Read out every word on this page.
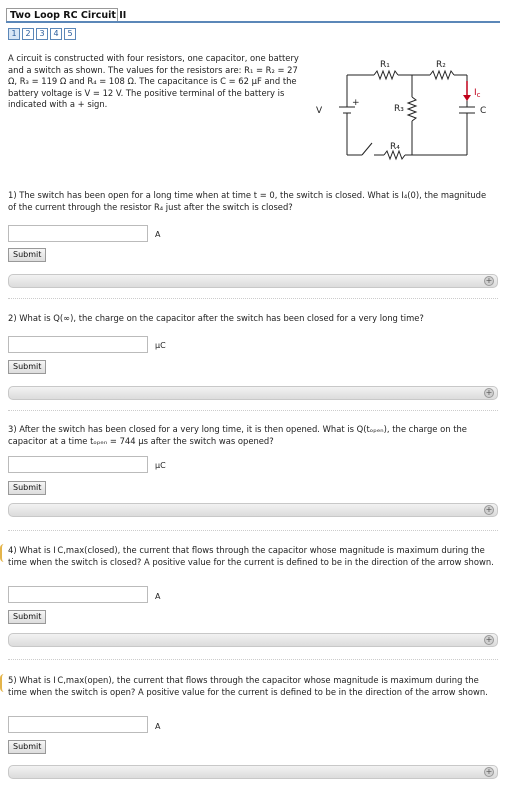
Two Loop RC Circuit II
1	2	3	4	5
A circuit is constructed with four resistors, one capacitor, one battery and a switch as shown. The values for the resistors are: R₁ = R₂ = 27 Ω, R₃ = 119 Ω and R₄ = 108 Ω. The capacitance is C = 62 μF and the battery voltage is V = 12 V. The positive terminal of the battery is indicated with a + sign.
R₁	R₂
R₃
R₄
V
+
C
$I_c$
1) The switch has been open for a long time when at time t = 0, the switch is closed. What is I₄(0), the magnitude of the current through the resistor R₄ just after the switch is closed?
A
Submit
+
2) What is Q(∞), the charge on the capacitor after the switch has been closed for a very long time?
μC
Submit
+
3) After the switch has been closed for a very long time, it is then opened. What is Q(tₒₚₑₙ), the charge on the capacitor at a time tₒₚₑₙ = 744 μs after the switch was opened?
μC
Submit
+
4) What is I C,max(closed), the current that flows through the capacitor whose magnitude is maximum during the time when the switch is closed? A positive value for the current is defined to be in the direction of the arrow shown.
A
Submit
+
5) What is I C,max(open), the current that flows through the capacitor whose magnitude is maximum during the time when the switch is open? A positive value for the current is defined to be in the direction of the arrow shown.
A
Submit
+
